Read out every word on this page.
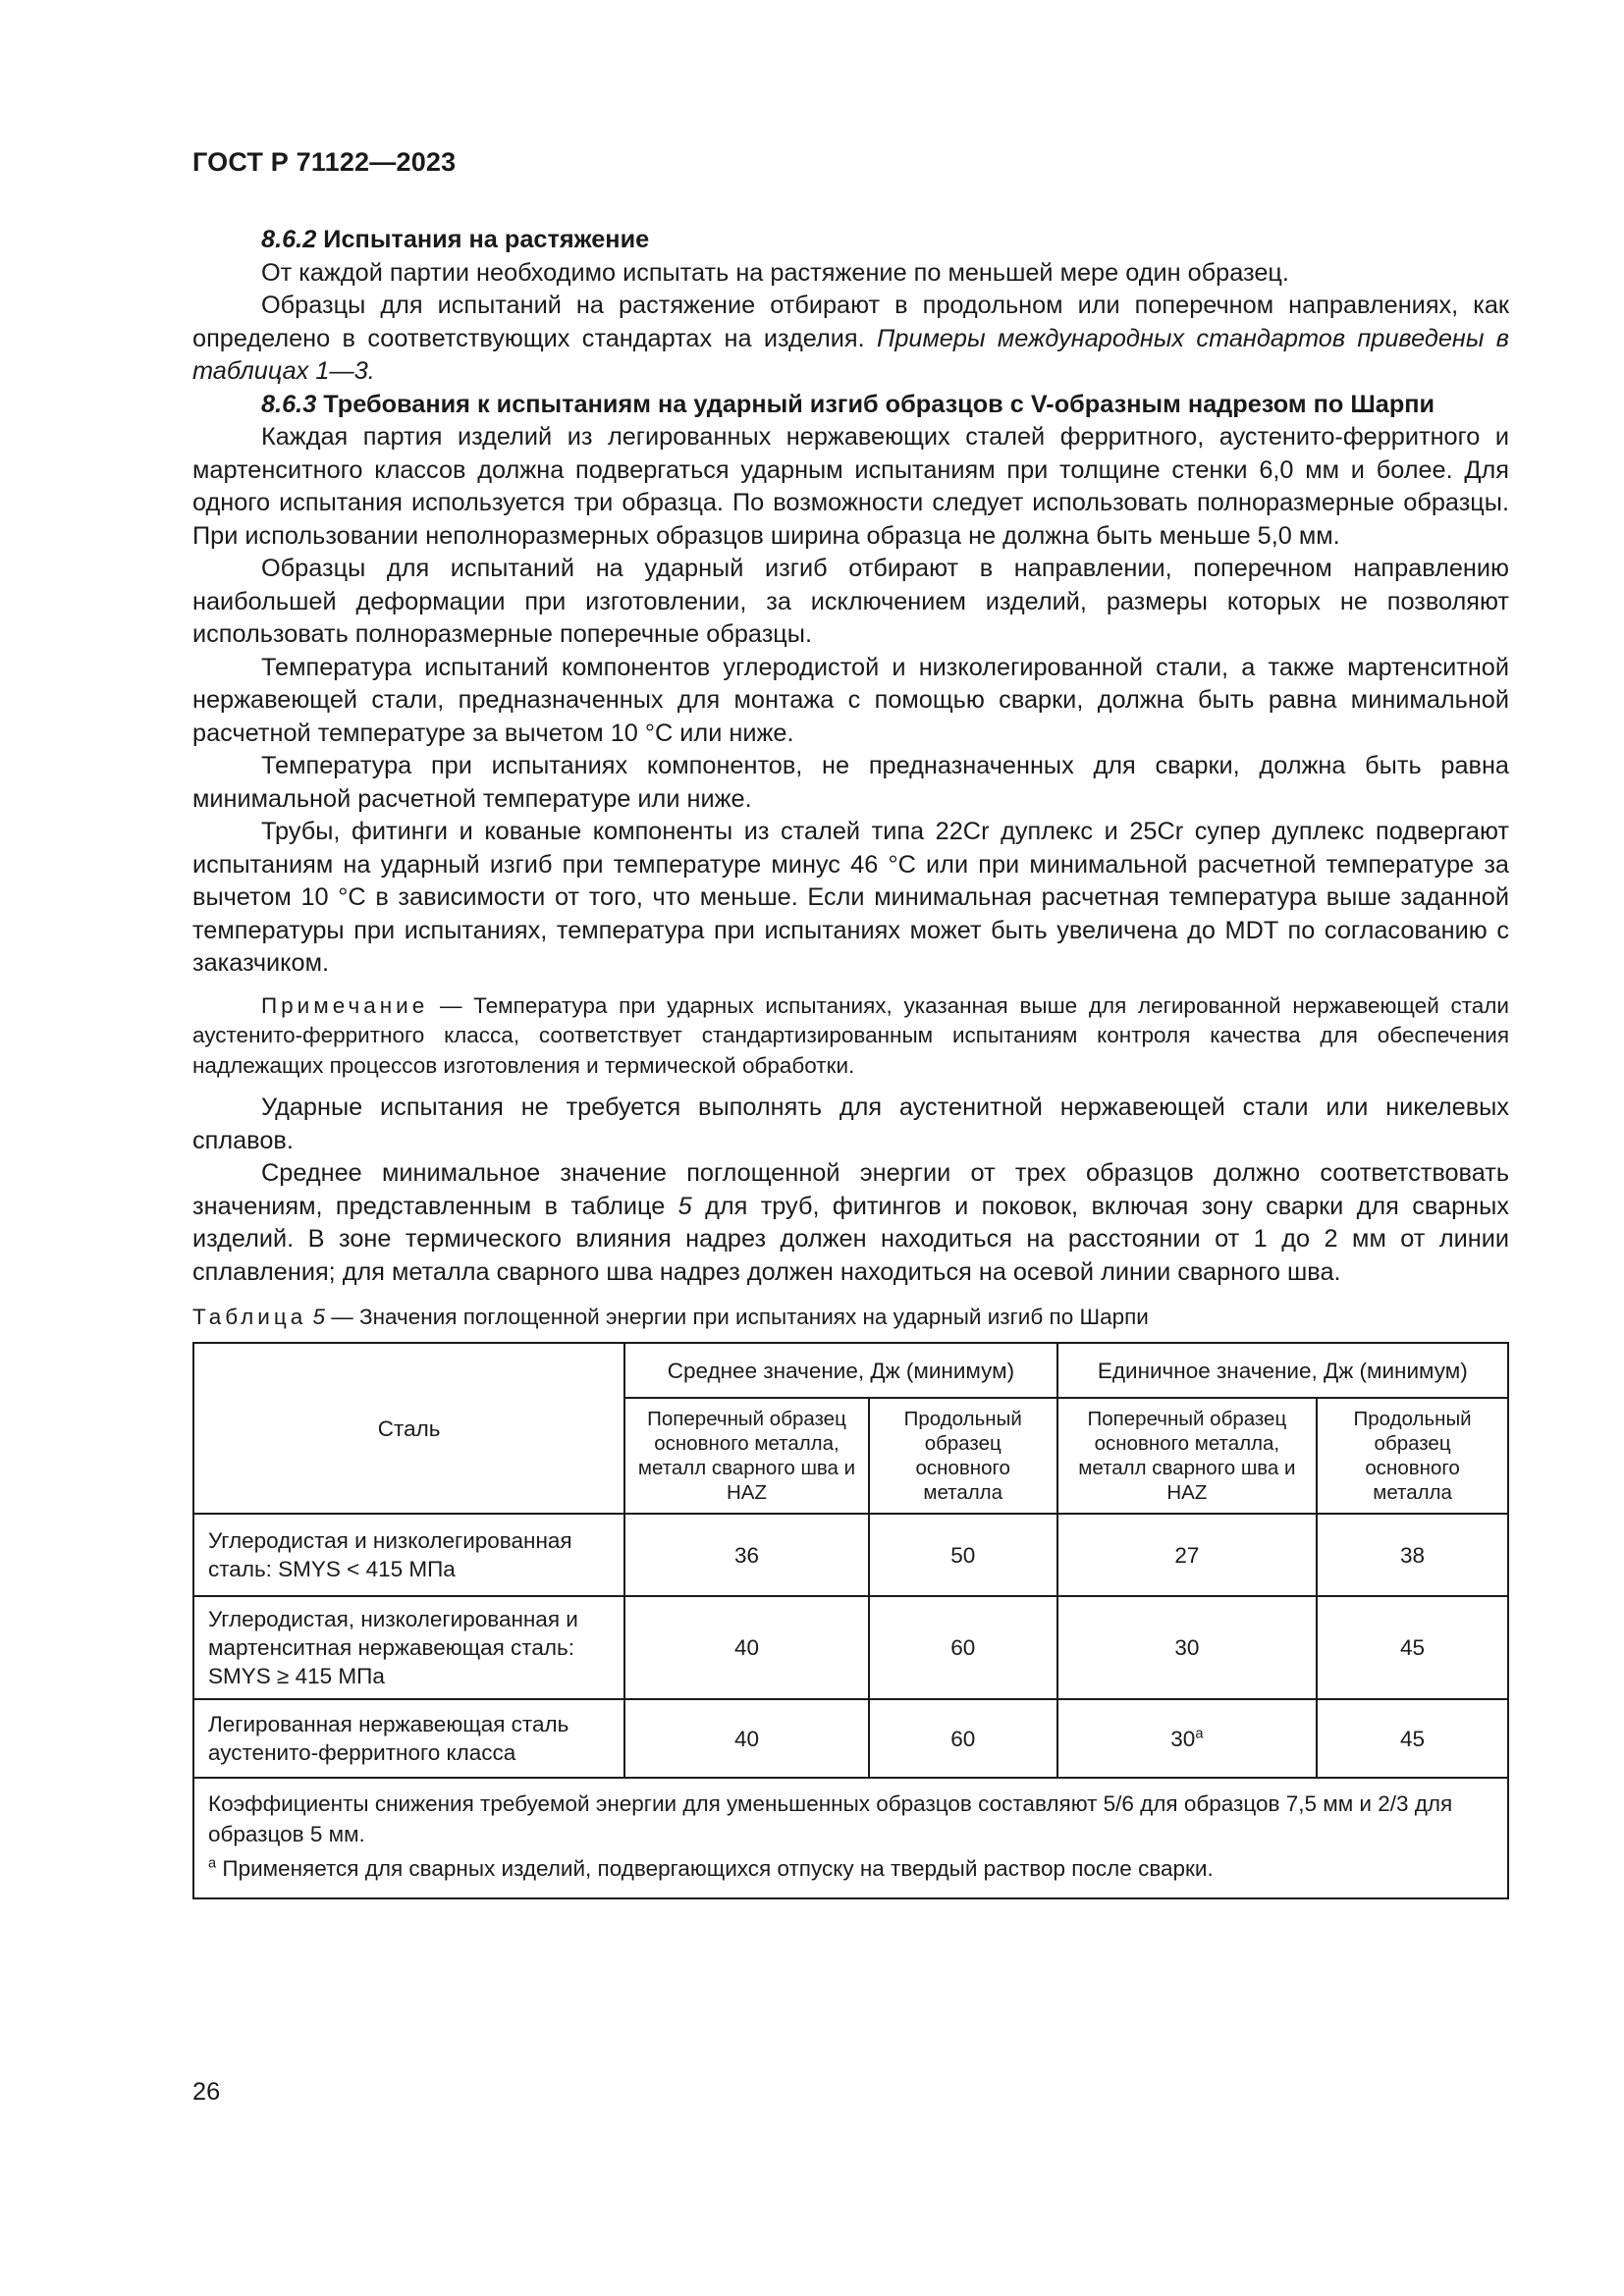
ГОСТ Р 71122—2023

8.6.2 Испытания на растяжение

От каждой партии необходимо испытать на растяжение по меньшей мере один образец.

Образцы для испытаний на растяжение отбирают в продольном или поперечном направлениях, как определено в соответствующих стандартах на изделия. Примеры международных стандартов приведены в таблицах 1—3.

8.6.3 Требования к испытаниям на ударный изгиб образцов с V-образным надрезом по Шарпи

Каждая партия изделий из легированных нержавеющих сталей ферритного, аустенито-ферритного и мартенситного классов должна подвергаться ударным испытаниям при толщине стенки 6,0 мм и более. Для одного испытания используется три образца. По возможности следует использовать полноразмерные образцы. При использовании неполноразмерных образцов ширина образца не должна быть меньше 5,0 мм.

Образцы для испытаний на ударный изгиб отбирают в направлении, поперечном направлению наибольшей деформации при изготовлении, за исключением изделий, размеры которых не позволяют использовать полноразмерные поперечные образцы.

Температура испытаний компонентов углеродистой и низколегированной стали, а также мартенситной нержавеющей стали, предназначенных для монтажа с помощью сварки, должна быть равна минимальной расчетной температуре за вычетом 10 °С или ниже.

Температура при испытаниях компонентов, не предназначенных для сварки, должна быть равна минимальной расчетной температуре или ниже.

Трубы, фитинги и кованые компоненты из сталей типа 22Cr дуплекс и 25Cr супер дуплекс подвергают испытаниям на ударный изгиб при температуре минус 46 °С или при минимальной расчетной температуре за вычетом 10 °С в зависимости от того, что меньше. Если минимальная расчетная температура выше заданной температуры при испытаниях, температура при испытаниях может быть увеличена до MDT по согласованию с заказчиком.

Примечание — Температура при ударных испытаниях, указанная выше для легированной нержавеющей стали аустенито-ферритного класса, соответствует стандартизированным испытаниям контроля качества для обеспечения надлежащих процессов изготовления и термической обработки.

Ударные испытания не требуется выполнять для аустенитной нержавеющей стали или никелевых сплавов.

Среднее минимальное значение поглощенной энергии от трех образцов должно соответствовать значениям, представленным в таблице 5 для труб, фитингов и поковок, включая зону сварки для сварных изделий. В зоне термического влияния надрез должен находиться на расстоянии от 1 до 2 мм от линии сплавления; для металла сварного шва надрез должен находиться на осевой линии сварного шва.

Таблица 5 — Значения поглощенной энергии при испытаниях на ударный изгиб по Шарпи

Сталь	Среднее значение, Дж (минимум)		Единичное значение, Дж (минимум)	
	Поперечный образец основного металла, металл сварного шва и HAZ	Продольный образец основного металла	Поперечный образец основного металла, металл сварного шва и HAZ	Продольный образец основного металла
Углеродистая и низколегированная сталь: SMYS < 415 МПа	36	50	27	38
Углеродистая, низколегированная и мартенситная нержавеющая сталь: SMYS ≥ 415 МПа	40	60	30	45
Легированная нержавеющая сталь аустенито-ферритного класса	40	60	$30^а$	45

Коэффициенты снижения требуемой энергии для уменьшенных образцов составляют 5/6 для образцов 7,5 мм и 2/3 для образцов 5 мм.
$^а$ Применяется для сварных изделий, подвергающихся отпуску на твердый раствор после сварки.				
26
